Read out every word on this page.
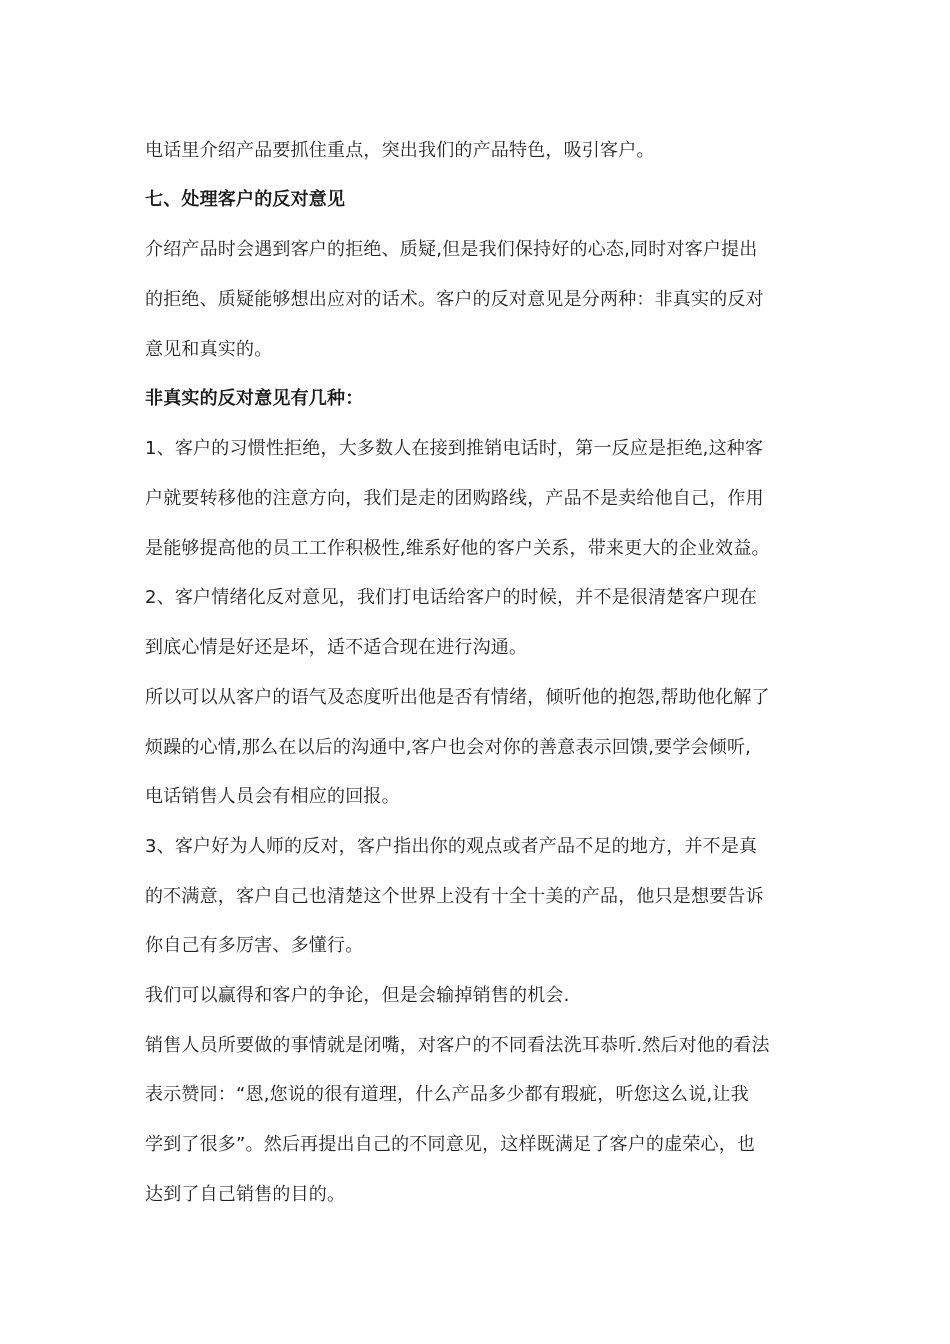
电话里介绍产品要抓住重点，突出我们的产品特色，吸引客户。
七、处理客户的反对意见
介绍产品时会遇到客户的拒绝、质疑,但是我们保持好的心态,同时对客户提出
的拒绝、质疑能够想出应对的话术。客户的反对意见是分两种：非真实的反对
意见和真实的。
非真实的反对意见有几种：
1、客户的习惯性拒绝，大多数人在接到推销电话时，第一反应是拒绝,这种客
户就要转移他的注意方向，我们是走的团购路线，产品不是卖给他自己，作用
是能够提高他的员工工作积极性,维系好他的客户关系，带来更大的企业效益。
2、客户情绪化反对意见，我们打电话给客户的时候，并不是很清楚客户现在
到底心情是好还是坏，适不适合现在进行沟通。
所以可以从客户的语气及态度听出他是否有情绪，倾听他的抱怨,帮助他化解了
烦躁的心情,那么在以后的沟通中,客户也会对你的善意表示回馈,要学会倾听,
电话销售人员会有相应的回报。
3、客户好为人师的反对，客户指出你的观点或者产品不足的地方，并不是真
的不满意，客户自己也清楚这个世界上没有十全十美的产品，他只是想要告诉
你自己有多厉害、多懂行。
我们可以赢得和客户的争论，但是会输掉销售的机会.
销售人员所要做的事情就是闭嘴，对客户的不同看法洗耳恭听.然后对他的看法
表示赞同：“恩,您说的很有道理，什么产品多少都有瑕疵，听您这么说,让我
学到了很多”。然后再提出自己的不同意见，这样既满足了客户的虚荣心，也
达到了自己销售的目的。
